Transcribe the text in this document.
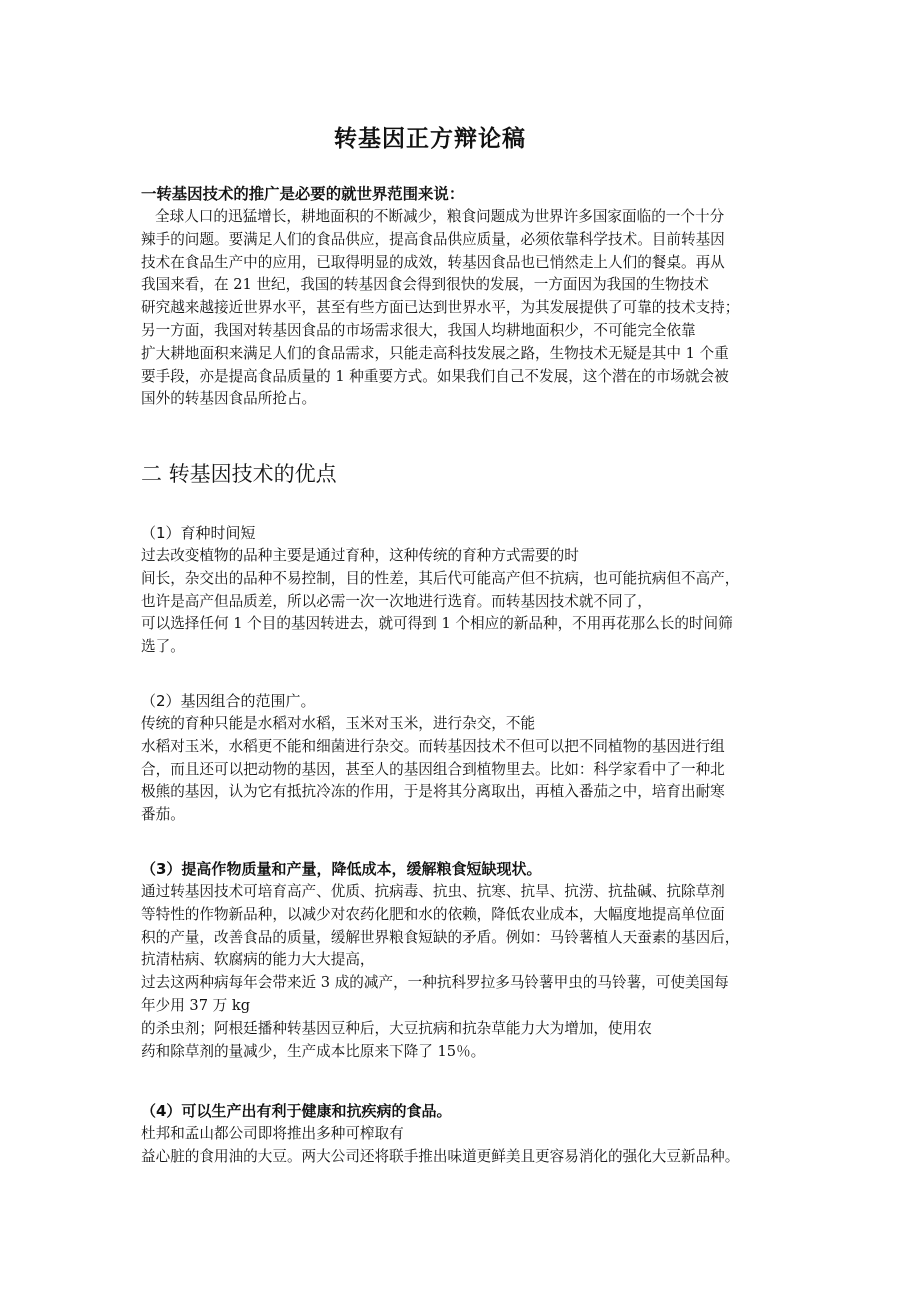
转基因正方辩论稿
一转基因技术的推广是必要的就世界范围来说：
全球人口的迅猛增长，耕地面积的不断减少，粮食问题成为世界许多国家面临的一个十分
辣手的问题。要满足人们的食品供应，提高食品供应质量，必须依靠科学技术。目前转基因
技术在食品生产中的应用，已取得明显的成效，转基因食品也已悄然走上人们的餐桌。再从
我国来看，在 21 世纪，我国的转基因食会得到很快的发展，一方面因为我国的生物技术
研究越来越接近世界水平，甚至有些方面已达到世界水平，为其发展提供了可靠的技术支持；
另一方面，我国对转基因食品的市场需求很大，我国人均耕地面积少，不可能完全依靠
扩大耕地面积来满足人们的食品需求，只能走高科技发展之路，生物技术无疑是其中 1 个重
要手段，亦是提高食品质量的 1 种重要方式。如果我们自己不发展，这个潜在的市场就会被
国外的转基因食品所抢占。
二 转基因技术的优点
（1）育种时间短
过去改变植物的品种主要是通过育种，这种传统的育种方式需要的时
间长，杂交出的品种不易控制，目的性差，其后代可能高产但不抗病，也可能抗病但不高产，
也许是高产但品质差，所以必需一次一次地进行选育。而转基因技术就不同了，
可以选择任何 1 个目的基因转进去，就可得到 1 个相应的新品种，不用再花那么长的时间筛
选了。
（2）基因组合的范围广。
传统的育种只能是水稻对水稻，玉米对玉米，进行杂交，不能
水稻对玉米，水稻更不能和细菌进行杂交。而转基因技术不但可以把不同植物的基因进行组
合，而且还可以把动物的基因，甚至人的基因组合到植物里去。比如：科学家看中了一种北
极熊的基因，认为它有抵抗冷冻的作用，于是将其分离取出，再植入番茄之中，培育出耐寒
番茄。
（3）提高作物质量和产量，降低成本，缓解粮食短缺现状。
通过转基因技术可培育高产、优质、抗病毒、抗虫、抗寒、抗旱、抗涝、抗盐碱、抗除草剂
等特性的作物新品种，以减少对农药化肥和水的依赖，降低农业成本，大幅度地提高单位面
积的产量，改善食品的质量，缓解世界粮食短缺的矛盾。例如：马铃薯植人天蚕素的基因后，
抗清枯病、软腐病的能力大大提高，
过去这两种病每年会带来近 3 成的减产，一种抗科罗拉多马铃薯甲虫的马铃薯，可使美国每
年少用 37 万 kg
的杀虫剂；阿根廷播种转基因豆种后，大豆抗病和抗杂草能力大为增加，使用农
药和除草剂的量减少，生产成本比原来下降了 15％。
（4）可以生产出有利于健康和抗疾病的食品。
杜邦和孟山都公司即将推出多种可榨取有
益心脏的食用油的大豆。两大公司还将联手推出味道更鲜美且更容易消化的强化大豆新品种。
